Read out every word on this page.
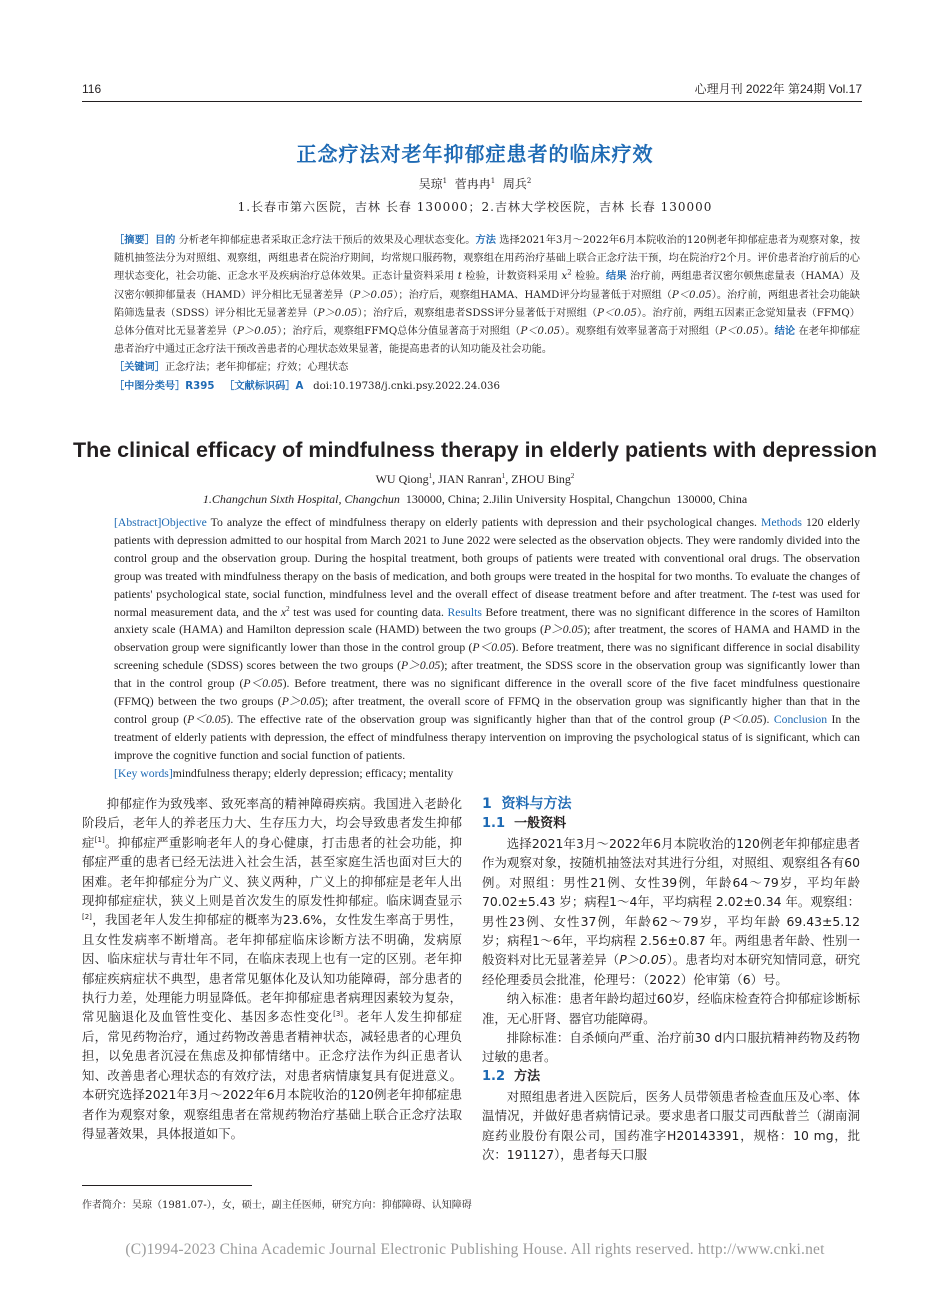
116	心理月刊 2022年 第24期 Vol.17
正念疗法对老年抑郁症患者的临床疗效
吴琼$^1$ 菅冉冉$^1$ 周兵$^2$
1.长春市第六医院，吉林 长春 130000；2.吉林大学校医院，吉林 长春 130000

［摘要］目的 分析老年抑郁症患者采取正念疗法干预后的效果及心理状态变化。方法 选择2021年3月～2022年6月本院收治的120例老年抑郁症患者为观察对象，按随机抽签法分为对照组、观察组，两组患者在院治疗期间，均常规口服药物，观察组在用药治疗基础上联合正念疗法干预，均在院治疗2个月。评价患者治疗前后的心理状态变化，社会功能、正念水平及疾病治疗总体效果。正态计量资料采用 t 检验，计数资料采用 $x^2$ 检验。结果 治疗前，两组患者汉密尔顿焦虑量表（HAMA）及汉密尔顿抑郁量表（HAMD）评分相比无显著差异（P＞0.05）；治疗后，观察组HAMA、HAMD评分均显著低于对照组（P＜0.05）。治疗前，两组患者社会功能缺陷筛选量表（SDSS）评分相比无显著差异（P＞0.05）；治疗后，观察组患者SDSS评分显著低于对照组（P＜0.05）。治疗前，两组五因素正念觉知量表（FFMQ）总体分值对比无显著差异（P＞0.05）；治疗后，观察组FFMQ总体分值显著高于对照组（P＜0.05）。观察组有效率显著高于对照组（P＜0.05）。结论 在老年抑郁症患者治疗中通过正念疗法干预改善患者的心理状态效果显著，能提高患者的认知功能及社会功能。

［关键词］正念疗法；老年抑郁症；疗效；心理状态

［中图分类号］R395 ［文献标识码］A doi:10.19738/j.cnki.psy.2022.24.036

The clinical efficacy of mindfulness therapy in elderly patients with depression
WU Qiong$^1$, JIAN Ranran$^1$, ZHOU Bing$^2$
1.Changchun Sixth Hospital, Changchun 130000, China; 2.Jilin University Hospital, Changchun 130000, China

[Abstract]Objective To analyze the effect of mindfulness therapy on elderly patients with depression and their psychological changes. Methods 120 elderly patients with depression admitted to our hospital from March 2021 to June 2022 were selected as the observation objects. They were randomly divided into the control group and the observation group. During the hospital treatment, both groups of patients were treated with conventional oral drugs. The observation group was treated with mindfulness therapy on the basis of medication, and both groups were treated in the hospital for two months. To evaluate the changes of patients' psychological state, social function, mindfulness level and the overall effect of disease treatment before and after treatment. The t-test was used for normal measurement data, and the $x^2$ test was used for counting data. Results Before treatment, there was no significant difference in the scores of Hamilton anxiety scale (HAMA) and Hamilton depression scale (HAMD) between the two groups (P＞0.05); after treatment, the scores of HAMA and HAMD in the observation group were significantly lower than those in the control group (P＜0.05). Before treatment, there was no significant difference in social disability screening schedule (SDSS) scores between the two groups (P＞0.05); after treatment, the SDSS score in the observation group was significantly lower than that in the control group (P＜0.05). Before treatment, there was no significant difference in the overall score of the five facet mindfulness questionaire (FFMQ) between the two groups (P＞0.05); after treatment, the overall score of FFMQ in the observation group was significantly higher than that in the control group (P＜0.05). The effective rate of the observation group was significantly higher than that of the control group (P＜0.05). Conclusion In the treatment of elderly patients with depression, the effect of mindfulness therapy intervention on improving the psychological status of is significant, which can improve the cognitive function and social function of patients.

[Key words]mindfulness therapy; elderly depression; efficacy; mentality

抑郁症作为致残率、致死率高的精神障碍疾病。我国进入老龄化阶段后，老年人的养老压力大、生存压力大，均会导致患者发生抑郁症[1]。抑郁症严重影响老年人的身心健康，打击患者的社会功能，抑郁症严重的患者已经无法进入社会生活，甚至家庭生活也面对巨大的困难。老年抑郁症分为广义、狭义两种，广义上的抑郁症是老年人出现抑郁症症状，狭义上则是首次发生的原发性抑郁症。临床调查显示[2]，我国老年人发生抑郁症的概率为23.6%，女性发生率高于男性，且女性发病率不断增高。老年抑郁症临床诊断方法不明确，发病原因、临床症状与青壮年不同，在临床表现上也有一定的区别。老年抑郁症疾病症状不典型，患者常见躯体化及认知功能障碍，部分患者的执行力差，处理能力明显降低。老年抑郁症患者病理因素较为复杂，常见脑退化及血管性变化、基因多态性变化[3]。老年人发生抑郁症后，常见药物治疗，通过药物改善患者精神状态，减轻患者的心理负担，以免患者沉浸在焦虑及抑郁情绪中。正念疗法作为纠正患者认知、改善患者心理状态的有效疗法，对患者病情康复具有促进意义。本研究选择2021年3月～2022年6月本院收治的120例老年抑郁症患者作为观察对象，观察组患者在常规药物治疗基础上联合正念疗法取得显著效果，具体报道如下。

1 资料与方法
1.1 一般资料

选择2021年3月～2022年6月本院收治的120例老年抑郁症患者作为观察对象，按随机抽签法对其进行分组，对照组、观察组各有60例。对照组：男性21例、女性39例，年龄64～79岁，平均年龄 70.02±5.43 岁；病程1～4年，平均病程 2.02±0.34 年。观察组：男性23例、女性37例，年龄62～79岁，平均年龄 69.43±5.12 岁；病程1～6年，平均病程 2.56±0.87 年。两组患者年龄、性别一般资料对比无显著差异（P＞0.05）。患者均对本研究知情同意，研究经伦理委员会批准，伦理号：（2022）伦审第（6）号。

纳入标准：患者年龄均超过60岁，经临床检查符合抑郁症诊断标准，无心肝肾、器官功能障碍。

排除标准：自杀倾向严重、治疗前30 d内口服抗精神药物及药物过敏的患者。

1.2 方法

对照组患者进入医院后，医务人员带领患者检查血压及心率、体温情况，并做好患者病情记录。要求患者口服艾司西酞普兰（湖南洞庭药业股份有限公司，国药准字H20143391，规格：10 mg，批次：191127），患者每天口服

作者简介：吴琼（1981.07-），女，硕士，副主任医师，研究方向：抑郁障碍、认知障碍
(C)1994-2023 China Academic Journal Electronic Publishing House. All rights reserved. http://www.cnki.net
